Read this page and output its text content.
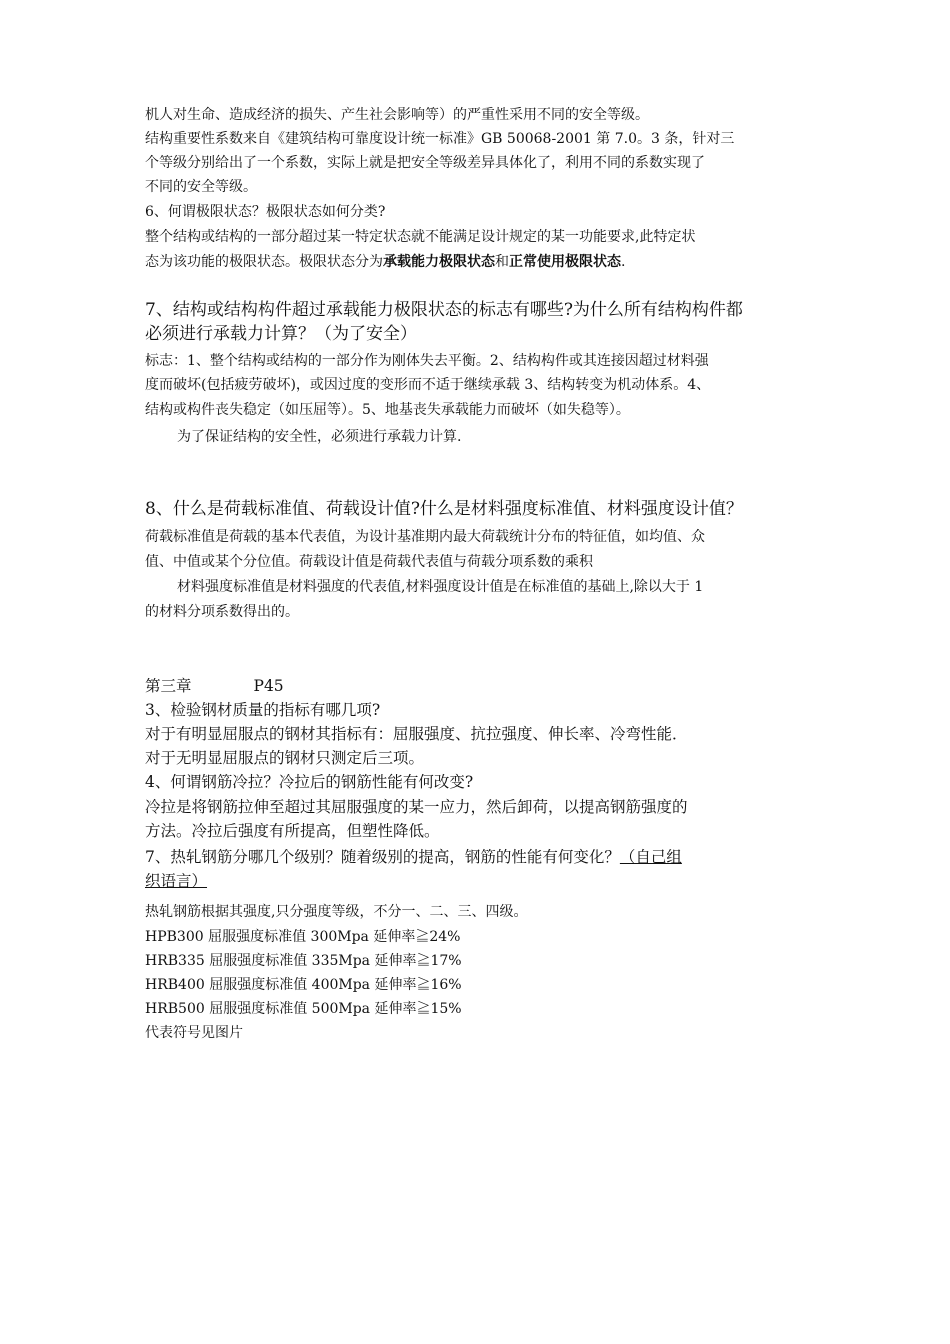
机人对生命、造成经济的损失、产生社会影响等）的严重性采用不同的安全等级。

结构重要性系数来自《建筑结构可靠度设计统一标准》GB 50068-2001 第 7.0。3 条，针对三

个等级分别给出了一个系数，实际上就是把安全等级差异具体化了，利用不同的系数实现了

不同的安全等级。

6、何谓极限状态？极限状态如何分类?

整个结构或结构的一部分超过某一特定状态就不能满足设计规定的某一功能要求,此特定状

态为该功能的极限状态。极限状态分为承载能力极限状态和正常使用极限状态.

7、结构或结构构件超过承载能力极限状态的标志有哪些?为什么所有结构构件都

必须进行承载力计算？（为了安全）

标志：1、整个结构或结构的一部分作为刚体失去平衡。2、结构构件或其连接因超过材料强

度而破坏(包括疲劳破坏)，或因过度的变形而不适于继续承载 3、结构转变为机动体系。4、

结构或构件丧失稳定（如压屈等）。5、地基丧失承载能力而破坏（如失稳等）。

为了保证结构的安全性，必须进行承载力计算.

8、什么是荷载标准值、荷载设计值?什么是材料强度标准值、材料强度设计值？

荷载标准值是荷载的基本代表值，为设计基准期内最大荷载统计分布的特征值，如均值、众

值、中值或某个分位值。荷载设计值是荷载代表值与荷载分项系数的乘积

材料强度标准值是材料强度的代表值,材料强度设计值是在标准值的基础上,除以大于 1

的材料分项系数得出的。

第三章	P45

3、检验钢材质量的指标有哪几项?

对于有明显屈服点的钢材其指标有：屈服强度、抗拉强度、伸长率、冷弯性能．

对于无明显屈服点的钢材只测定后三项。

4、何谓钢筋冷拉？冷拉后的钢筋性能有何改变?

冷拉是将钢筋拉伸至超过其屈服强度的某一应力，然后卸荷，以提高钢筋强度的

方法。冷拉后强度有所提高，但塑性降低。

7、热轧钢筋分哪几个级别？随着级别的提高，钢筋的性能有何变化？（自己组

织语言）

热轧钢筋根据其强度,只分强度等级，不分一、二、三、四级。

HPB300 屈服强度标准值 300Mpa 延伸率≧24%

HRB335 屈服强度标准值 335Mpa 延伸率≧17%

HRB400 屈服强度标准值 400Mpa 延伸率≧16%

HRB500 屈服强度标准值 500Mpa 延伸率≧15%

代表符号见图片
